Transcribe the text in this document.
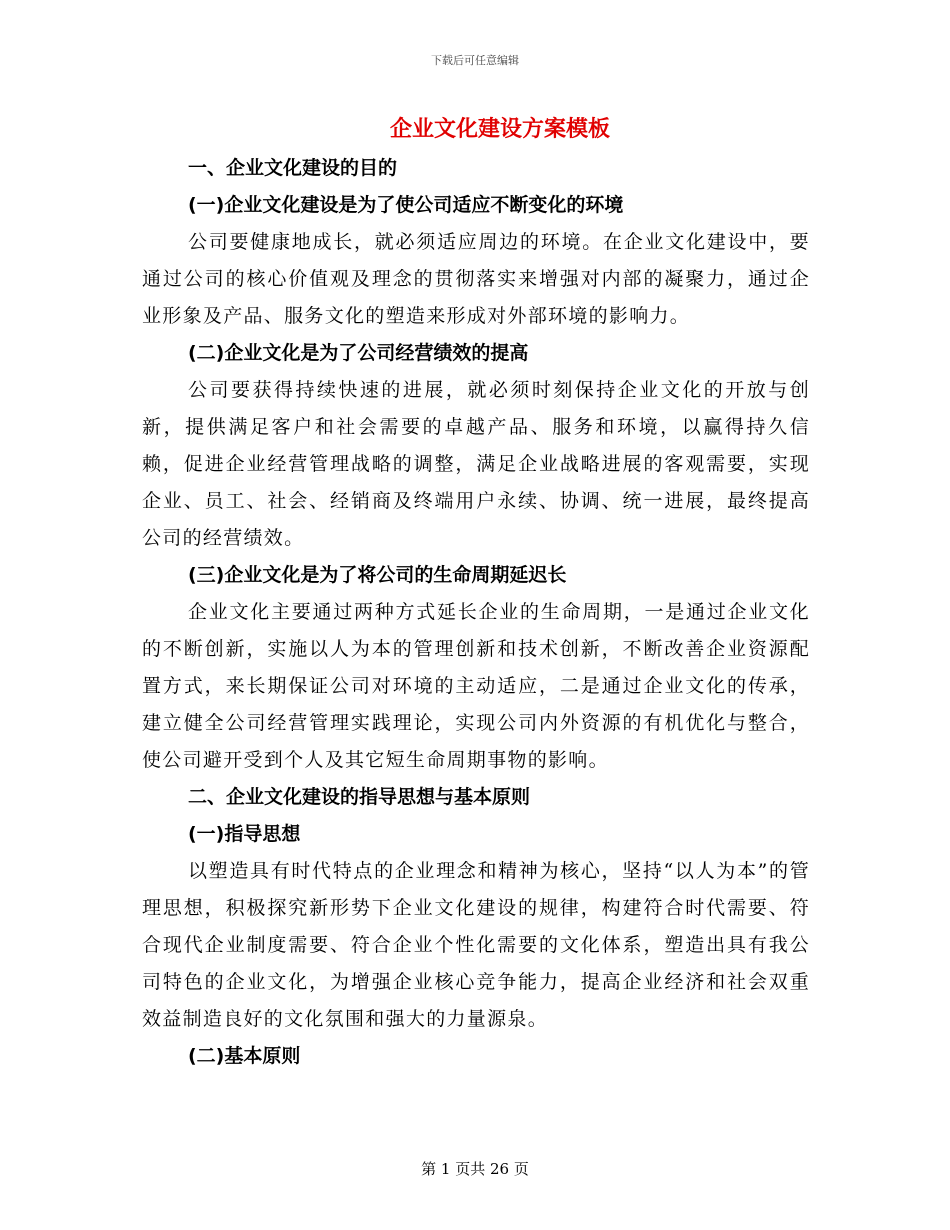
下载后可任意编辑
企业文化建设方案模板
一、企业文化建设的目的
(一)企业文化建设是为了使公司适应不断变化的环境

公司要健康地成长，就必须适应周边的环境。在企业文化建设中，要通过公司的核心价值观及理念的贯彻落实来增强对内部的凝聚力，通过企业形象及产品、服务文化的塑造来形成对外部环境的影响力。

(二)企业文化是为了公司经营绩效的提高

公司要获得持续快速的进展，就必须时刻保持企业文化的开放与创新，提供满足客户和社会需要的卓越产品、服务和环境，以赢得持久信赖，促进企业经营管理战略的调整，满足企业战略进展的客观需要，实现企业、员工、社会、经销商及终端用户永续、协调、统一进展，最终提高公司的经营绩效。

(三)企业文化是为了将公司的生命周期延迟长

企业文化主要通过两种方式延长企业的生命周期，一是通过企业文化的不断创新，实施以人为本的管理创新和技术创新，不断改善企业资源配置方式，来长期保证公司对环境的主动适应，二是通过企业文化的传承，建立健全公司经营管理实践理论，实现公司内外资源的有机优化与整合，使公司避开受到个人及其它短生命周期事物的影响。

二、企业文化建设的指导思想与基本原则
(一)指导思想

以塑造具有时代特点的企业理念和精神为核心，坚持“以人为本”的管理思想，积极探究新形势下企业文化建设的规律，构建符合时代需要、符合现代企业制度需要、符合企业个性化需要的文化体系，塑造出具有我公司特色的企业文化，为增强企业核心竞争能力，提高企业经济和社会双重效益制造良好的文化氛围和强大的力量源泉。

(二)基本原则
第 1 页共 26 页
